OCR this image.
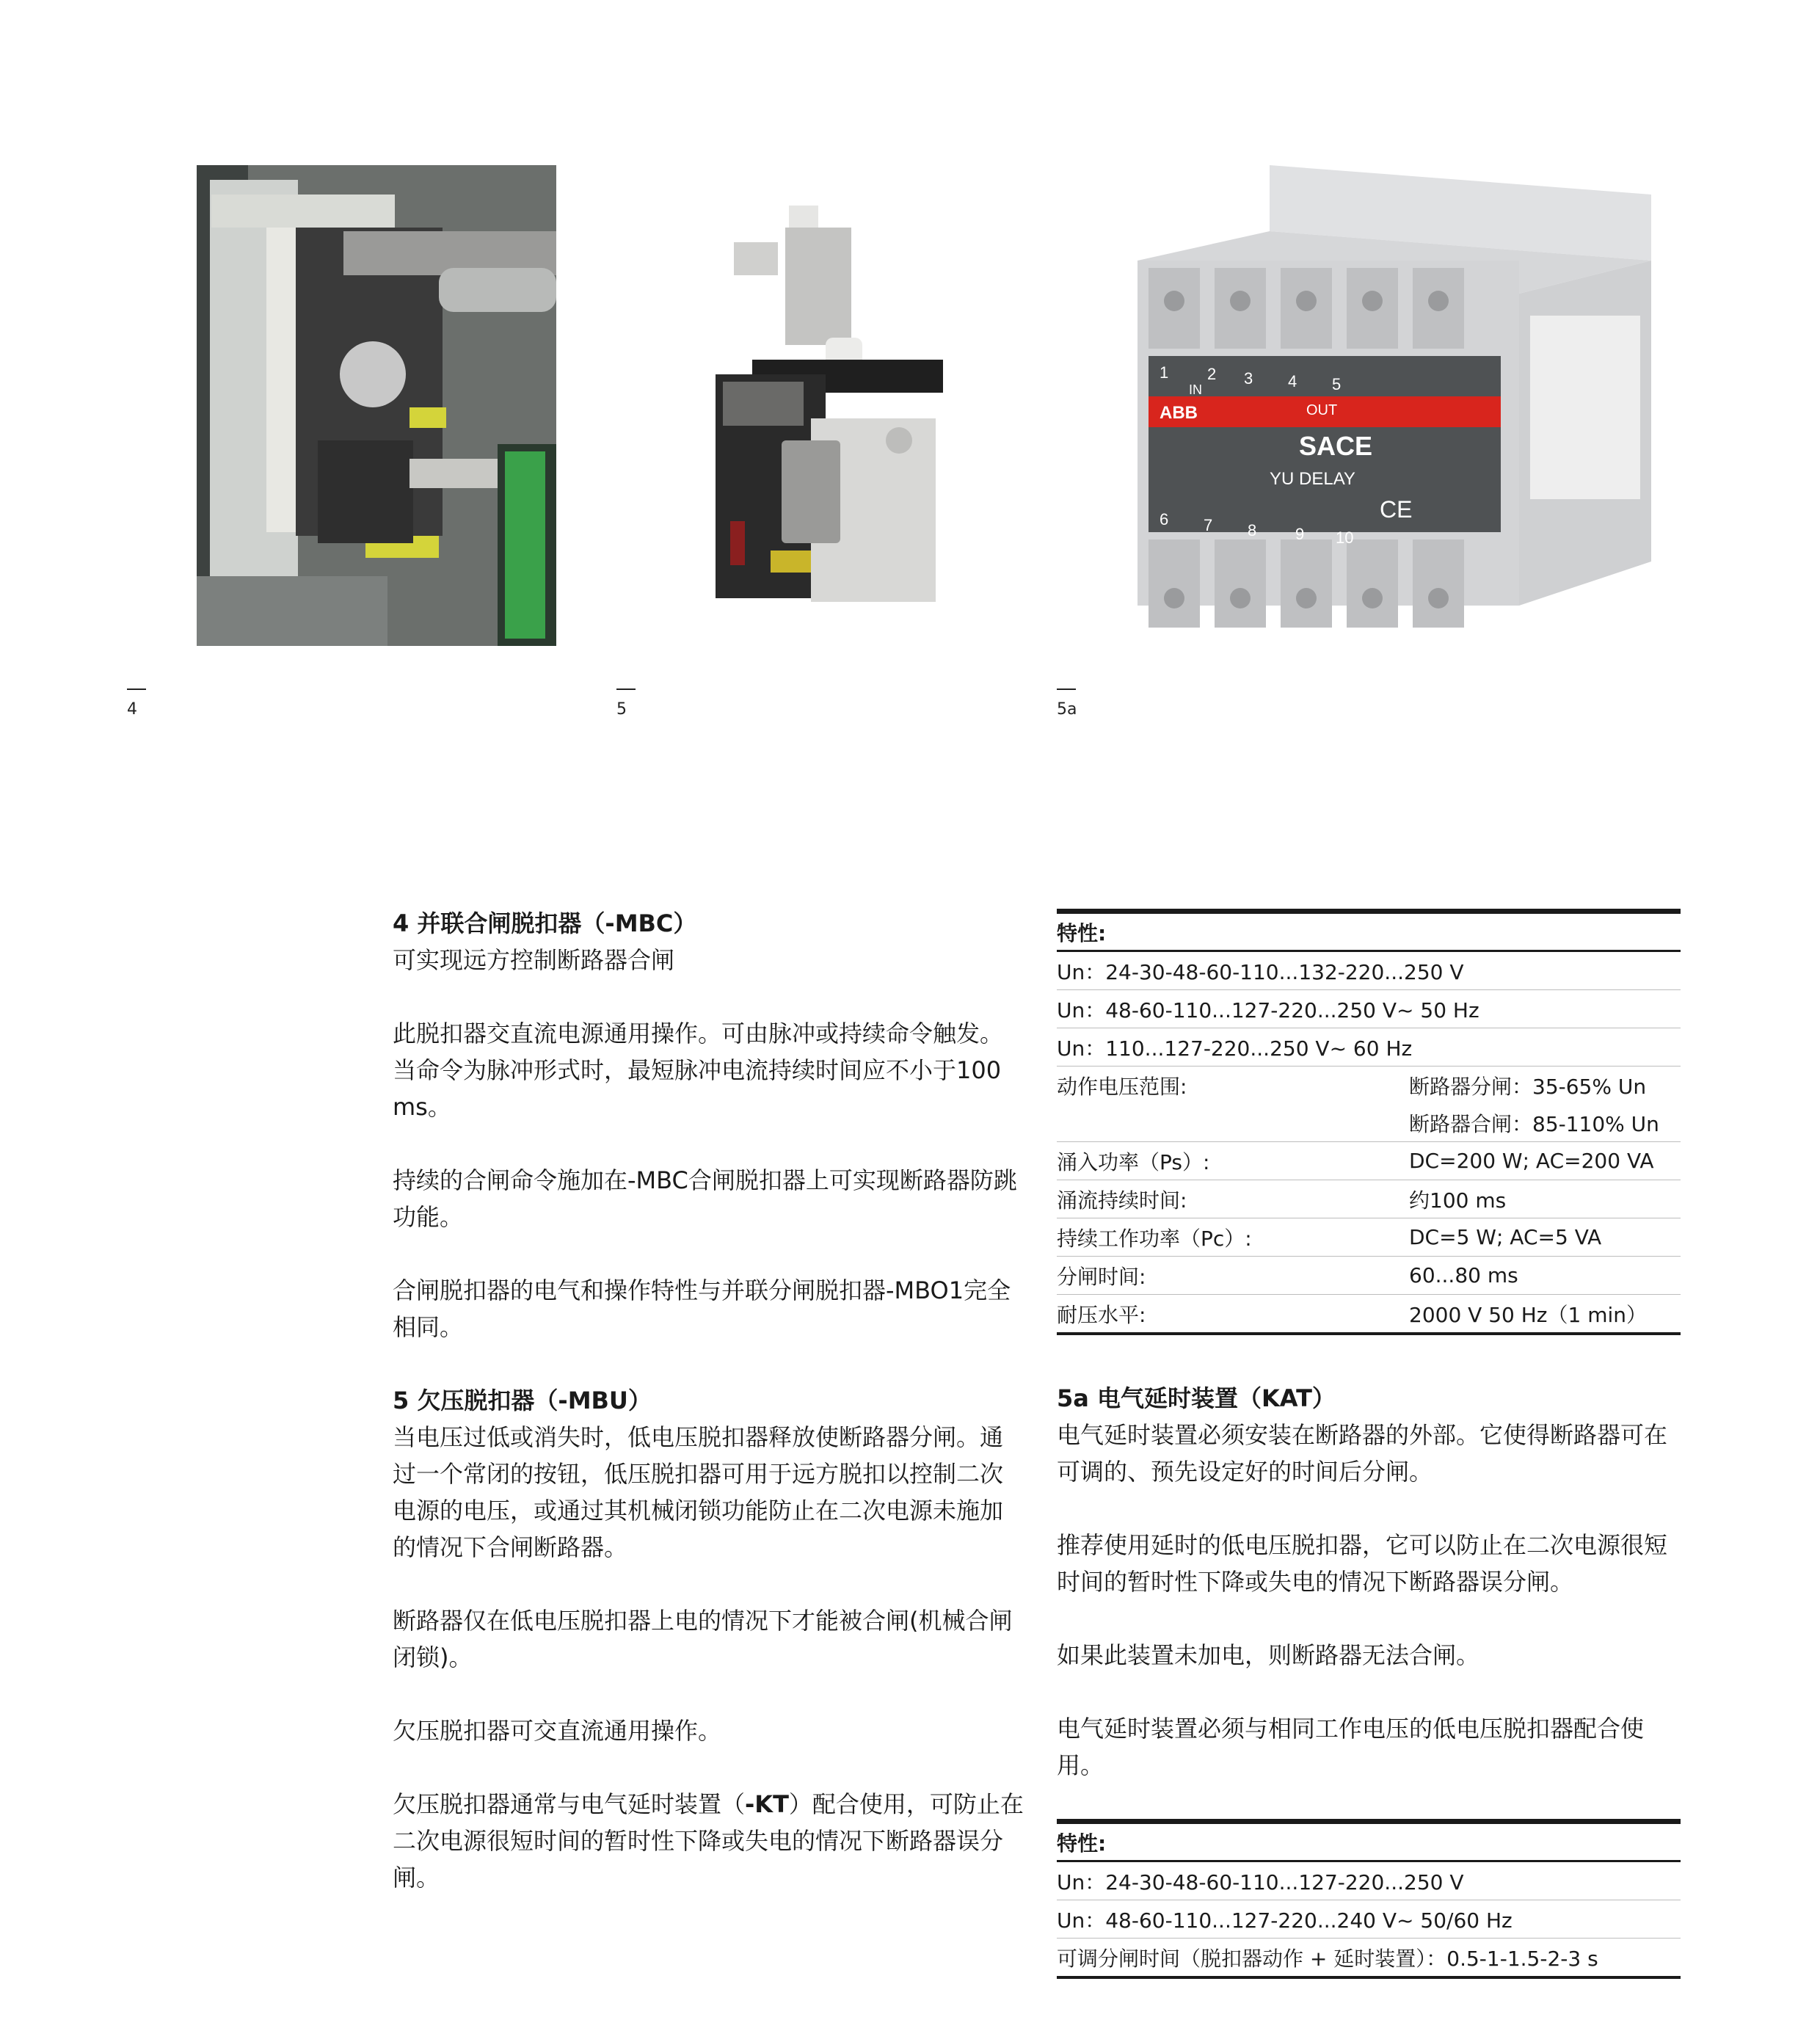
4	5
1 2 3 4 5
IN
OUT
ABB
SACE
YU DELAY
CE
6 7 8 9 10
5a
4 并联合闸脱扣器（-MBC）
可实现远方控制断路器合闸

此脱扣器交直流电源通用操作。可由脉冲或持续命令触发。当命令为脉冲形式时，最短脉冲电流持续时间应不小于100 ms。

持续的合闸命令施加在-MBC合闸脱扣器上可实现断路器防跳功能。

合闸脱扣器的电气和操作特性与并联分闸脱扣器-MBO1完全相同。

5 欠压脱扣器（-MBU）

当电压过低或消失时，低电压脱扣器释放使断路器分闸。通过一个常闭的按钮，低压脱扣器可用于远方脱扣以控制二次电源的电压，或通过其机械闭锁功能防止在二次电源未施加的情况下合闸断路器。

断路器仅在低电压脱扣器上电的情况下才能被合闸(机械合闸闭锁)。

欠压脱扣器可交直流通用操作。

欠压脱扣器通常与电气延时装置（-KT）配合使用，可防止在二次电源很短时间的暂时性下降或失电的情况下断路器误分闸。

特性:	
Un：24-30-48-60-110...132-220...250 V	
Un：48-60-110...127-220...250 V~ 50 Hz	
Un：110...127-220...250 V~ 60 Hz	
动作电压范围:	断路器分闸：35-65% Un
	断路器合闸：85-110% Un
涌入功率（Ps）:	DC=200 W; AC=200 VA
涌流持续时间:	约100 ms
持续工作功率（Pc）:	DC=5 W; AC=5 VA
分闸时间:	60...80 ms
耐压水平:	2000 V 50 Hz（1 min）
5a 电气延时装置（KAT）

电气延时装置必须安装在断路器的外部。它使得断路器可在可调的、预先设定好的时间后分闸。

推荐使用延时的低电压脱扣器，它可以防止在二次电源很短时间的暂时性下降或失电的情况下断路器误分闸。

如果此装置未加电，则断路器无法合闸。

电气延时装置必须与相同工作电压的低电压脱扣器配合使用。

特性:
Un：24-30-48-60-110...127-220...250 V
Un：48-60-110...127-220...240 V~ 50/60 Hz
可调分闸时间（脱扣器动作 + 延时装置）：0.5-1-1.5-2-3 s
